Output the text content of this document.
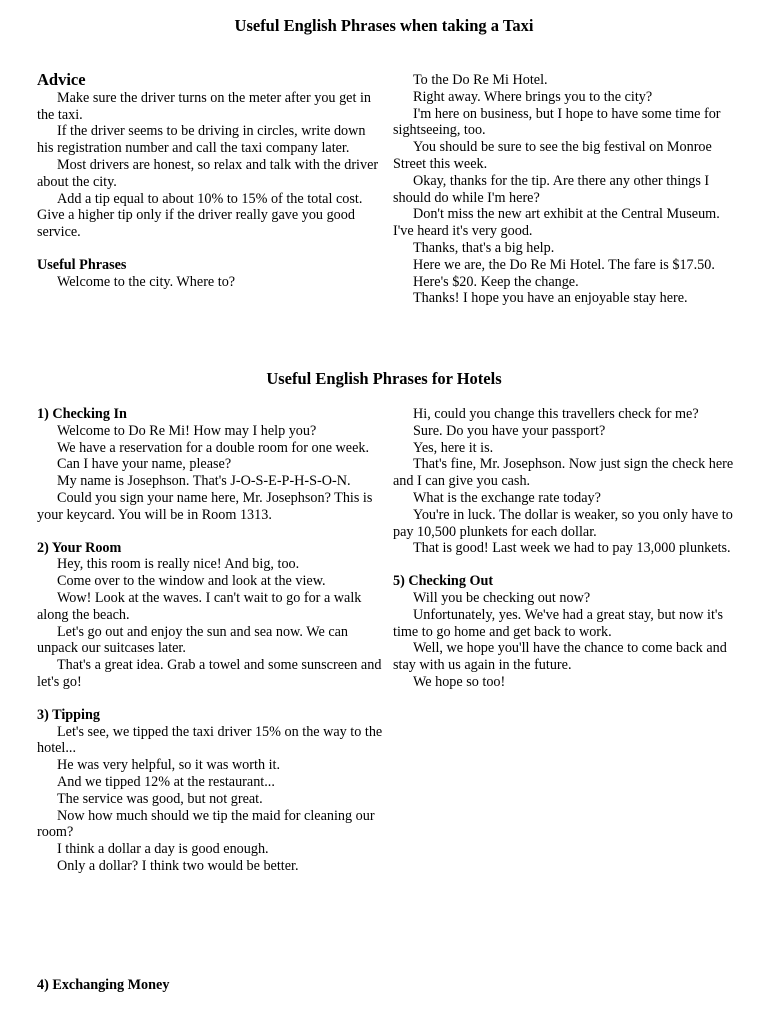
Useful English Phrases when taking a Taxi
Advice

Make sure the driver turns on the meter after you get in the taxi.

If the driver seems to be driving in circles, write down his registration number and call the taxi company later.

Most drivers are honest, so relax and talk with the driver about the city.

Add a tip equal to about 10% to 15% of the total cost. Give a higher tip only if the driver really gave you good service.

Useful Phrases

Welcome to the city. Where to?

To the Do Re Mi Hotel.

Right away. Where brings you to the city?

I'm here on business, but I hope to have some time for sightseeing, too.

You should be sure to see the big festival on Monroe Street this week.

Okay, thanks for the tip. Are there any other things I should do while I'm here?

Don't miss the new art exhibit at the Central Museum. I've heard it's very good.

Thanks, that's a big help.

Here we are, the Do Re Mi Hotel. The fare is $17.50.

Here's $20. Keep the change.

Thanks! I hope you have an enjoyable stay here.

Useful English Phrases for Hotels
1) Checking In

Welcome to Do Re Mi! How may I help you?

We have a reservation for a double room for one week.

Can I have your name, please?

My name is Josephson. That's J-O-S-E-P-H-S-O-N.

Could you sign your name here, Mr. Josephson? This is your keycard. You will be in Room 1313.

2) Your Room

Hey, this room is really nice! And big, too.

Come over to the window and look at the view.

Wow! Look at the waves. I can't wait to go for a walk along the beach.

Let's go out and enjoy the sun and sea now. We can unpack our suitcases later.

That's a great idea. Grab a towel and some sunscreen and let's go!

3) Tipping

Let's see, we tipped the taxi driver 15% on the way to the hotel...

He was very helpful, so it was worth it.

And we tipped 12% at the restaurant...

The service was good, but not great.

Now how much should we tip the maid for cleaning our room?

I think a dollar a day is good enough.

Only a dollar? I think two would be better.

4) Exchanging Money

Hi, could you change this travellers check for me?

Sure. Do you have your passport?

Yes, here it is.

That's fine, Mr. Josephson. Now just sign the check here and I can give you cash.

What is the exchange rate today?

You're in luck. The dollar is weaker, so you only have to pay 10,500 plunkets for each dollar.

That is good! Last week we had to pay 13,000 plunkets.

5) Checking Out

Will you be checking out now?

Unfortunately, yes. We've had a great stay, but now it's time to go home and get back to work.

Well, we hope you'll have the chance to come back and stay with us again in the future.

We hope so too!
